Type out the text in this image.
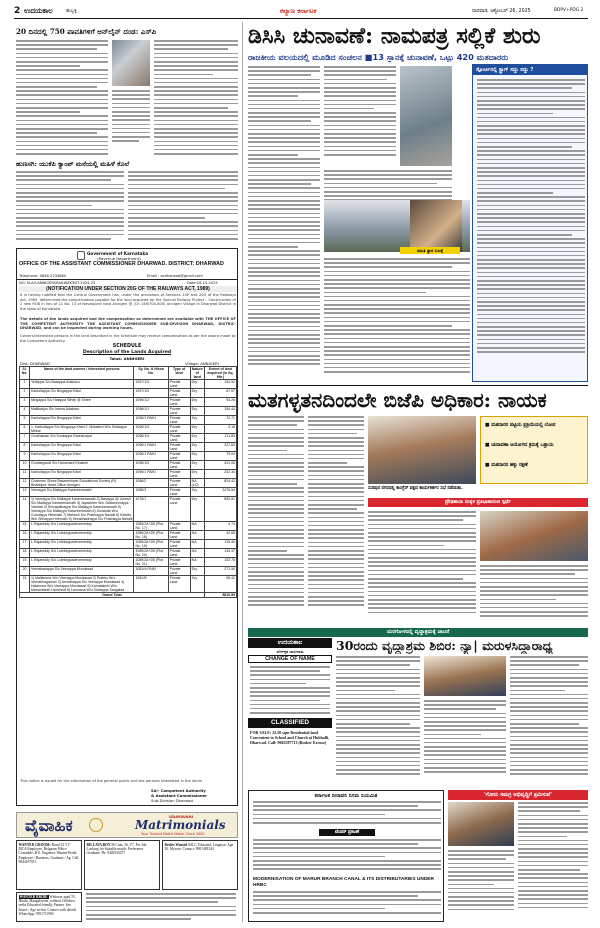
2 ಉದಯಕಾಲ	ಹುಬ್ಬಳ್ಳಿ	ಕಲ್ಯಾಣ ಕರ್ನಾಟಕ	ಧಾರವಾಡ, ಅಕ್ಟೋಬರ್ 26, 2025	BDPV+PDG 2
20 ದಿನದಲ್ಲಿ 750 ಪಾವತಿಗಳಿಗೆ ಆನ್‌ಲೈನ್ ದಂಡ: ಎಸ್‌ಪಿ
ಹುಣಸಗಿ: ಯುಕೆಪಿ ಕ್ಯಾಂಪ್ ಮನೆಯಲ್ಲಿ ಮಹಿಳೆ ಕೊಲೆ
Government of Karnataka
(Revenue Department)
OFFICE OF THE ASSISTANT COMMISSIONER DHARWAD. DISTRICT: DHARWAD
Telephone: 0836-2233860	Email : acdharwad@gmail.com
NO: SLAO.ANNIGERI/RAILWAY/EST-2024-25	Date:18-10-2025
(NOTIFICATION UNDER SECTION 20G OF THE RAILWAYS ACT, 1989)
It is hereby notified that the Central Government has, under the provisions of Sections 20E and 20G of the Railways Act, 1989, determined the compensation payable for the land acquired for the Special Railway Project – Construction of 2 new ROB in lieu of LC No. 13 of Navalgund road Annigeri @ (Ch 146/700-800) Annigeri Village in Dharwad District in the state of Karnataka.
The details of the lands acquired and the compensation so determined are available with THE OFFICE OF THE COMPETENT AUTHORITY THE ASSISTANT COMMISSIONER SUB-DIVISION DHARWAD, DISTRIC-DHARWAD, and can be inspected during working hours.
Owners/interested persons in the land described in the Schedule may receive compensation as per the award made by the Competent Authority.
SCHEDULE
Description of the Lands Acquired
Taluk: ANNIGERI
Dist: DHARWAD	Village: ANNIGERI
Sl. No.	Name of the land owners / interested persons	Sy. No. & Hissa No.	Type of land	Nature of land	Extent of land acquired (in Sq. Mtr.)
1	Yellappa S/o Basappa Adakavu	1097/1/3	Private Land	Dry	154.92
2	Karkoliappa S/o Ningappa Kitari	1097/1/3	Private Land	Dry	67.97
3	Ningappa S/o Halappa Wheji @ Shree	1096/1/2	Private Land	Dry	93.26
4	Mallikarjun S/o Iranna Adakavu	1096/1/1	Private Land	Dry	154.44
5	Karkoliappa S/o Ningappa Kitari	1096/1 PAIKI	Private Land	Dry	72.71
6	1. Karkoliappa S/o Ningappa Kitari 2. Motadevi W/o Siddappa Mekar	1096/1/4	Private Land	Dry	3.18
7	Gouthaman S/o Sunkappa Rachanayal	1096/1/4	Private Land	Dry	211.83
8	Karkoliappa S/o Ningappa Kitari	1096/1 PAIKI	Private Land	Dry	227.63
9	Karkoliappa S/o Ningappa Kitari	1096/1 PAIKI	Private Land	Dry	79.04
10	Gumbegoudi S/o Hanumant Kinakeri	1096/1/3	Private Land	Dry	441.06
11	Karkoliappa S/o Ningappa Kitari	1096/1 PAIKI	Private Land	Dry	202.34
12	Chairmen Shree Basaveshwar Educational Society (R) Bhatikipur Head Office Annigeri	1086/2	Private Land	NA (LO)	824.42
13	Veerayya S/o Mallayya Karaveeramath	1086/3	Private Land	Dry	2475.54
14	1) Veerayya S/o Mallayya Karaveeramath 2) Basayya @ Umesh S/o Mallayya Karaveeramath 3) Jayashree W/o Siddaveerayya Vastrad 4) Shivapathayya S/o Mallayya Karaveeramath 5) Veerayya S/o Mallayya Karaveeramath 6) Sunanda W/o Gurulayya Hiremath 7) Mahesh S/o Prabhayya Navalli 8) Keerthi W/o Shivayya Hiremath 9) Veeabhadrayya S/o Prabhayya Navalli	1078/1	Private Land	Dry	890.81
15	L.Rajareddy S/o Lotekeppadeveereddy	1089/2A+2B (Plot No. 17)	Private Land	NA	4.74
16	L.Rajareddy S/o Lotekeppadeveereddy	1089/2A+2B (Plot No. 18)	Private Land	NA	42.68
17	L.Rajareddy S/o Lotekeppadeveereddy	1089/2A+2B (Plot No. 19)	Private Land	NA	115.40
18	L.Rajareddy S/o Lotekeppadeveereddy	1089/2A+2B (Plot No. 20)	Private Land	NA	134.37
19	L.Rajareddy S/o Lotekeppadeveereddy	1089/2A+2B (Plot No. 21)	Private Land	NA	102.75
20	Veerabasappa S/o Veerappa Mundasad	1081/A PAIKI	Private Land	Dry	271.90
21	1) Mallamma W/o Veerappa Mundasad 2) Prabhu W/o Veerabhagaman 3) Amrathappa S/o Veerappa Mundasad 4) Halamma W/o Veerappa Mundasad 5) Kamalakshi W/o Mahanthesh Hanchnal 6) Laxmana W/o Siddappa Sangalad	1081/B	Private Land	Dry	96.42
Grand Total					5810.59
This notice is issued for the information of the general public and the persons interested in the lands.
Sd/- Competent Authority
& Assistant Commissioner
Sub-Division Dharwad
ವೈವಾಹಿಕ	UDAYAVANI
Matrimonials
Your Trusted Match Maker Since 2000
WANTED GROOM: Rural 33 5'1" MCA Employee, Belgaum Police Constable, B.E. Engineer. Wanted Bride: Employee / Business, Graduate / Ag. Call: 9844167013
BILLAVA BOY M.Com, 36, 5'7, Pvt Job. Looking for Suitable match. Preference Graduate. Ph: 9449356477
Brides Wanted SSLC Educated, Lingayat, Age 30, Mysore. Contact: 9901483344
WANTED BRIDE Widower aged 55, Hindu, Mangalorean, without Children seeks Educated friendly Partner. Sex Issues / Age no bar. Contact with details WhatsApp: 9591711983
ಡಿಸಿಸಿ ಚುನಾವಣೆ: ನಾಮಪತ್ರ ಸಲ್ಲಿಕೆ ಶುರು
ರಾಜಕೀಯ ವಲಯದಲ್ಲಿ ಮೂಡಿದ ಸಂಚಲನ ■13 ಸ್ಥಾನಕ್ಕೆ ಚುನಾವಣೆ, ಒಟ್ಟು 420 ಮತದಾರರು
ಸಮಿತಿ ಸ್ಥಾನ ಬಲಕ್ಕೆ
ಸ್ಪೋರ್ಟಿನಲ್ಲಿ ಸ್ಟ್ರಾಗ್ ಸದ್ದು ಸದ್ದು ?
ಮತಗಳ್ಳತನದಿಂದಲೇ ಬಿಜೆಪಿ ಅಧಿಕಾರ: ನಾಯಕ
■ ಮತದಾರರ ಪಟ್ಟಿಯ ಪ್ರಕ್ರಿಯೆಯಲ್ಲಿ ಲೋಪ
■ ಚುನಾವಣಾ ಆಯೋಗದ ಕ್ರಮಕ್ಕೆ ಒತ್ತಾಯ
■ ಮತದಾರರ ಹಕ್ಕು ರಕ್ಷಣೆ
ಸುರಪುರ ನಗರದಲ್ಲಿ ಕಾಂಗ್ರೆಸ್ ಪಕ್ಷದ ಕಾರ್ಯಕರ್ತರ ಸಭೆ ನಡೆಯಿತು.
ಪ್ರೌಢಶಾಲಾ ಮಕ್ಕಳ ಪ್ರತಿಭಾಕಾರಂಜಿ ಸ್ಪರ್ಧೆ
ಯರಗೋಳದಲ್ಲಿ ವೃದ್ಧಾಶ್ರಮಕ್ಕೆ ಚಾಲನೆ
30ರಂದು ವೃದ್ಧಾಶ್ರಮ ಶಿಬಿರ: ನ್ಯಾ| ಮರುಳಸಿದ್ದಾರಾಧ್ಯ
ಉದಯಕಾಲ
ವರ್ಗೀಕೃತ ಜಾಹೀರಾತು
CHANGE OF NAME
CLASSIFIED
FOR SALE: 22.50 sqm Residential land Convenient to School and Church at Hubballi, Dharwad. Call: 9665587713 (Broker Excuse)
ಕರ್ನಾಟಕ ನೀರಾವರಿ ನಿಗಮ ನಿಯಮಿತ
ಟೆಂಡರ್ ಪ್ರಕಟಣೆ
MODERNISATION OF MARUR BRANCH CANAL & ITS DISTRIBUTARIES UNDER HRBC
'ಗೋರು ಸಮಗ್ರ ಅಭಿವೃದ್ಧಿಗೆ ಶ್ರಮಿಸುವೆ'
